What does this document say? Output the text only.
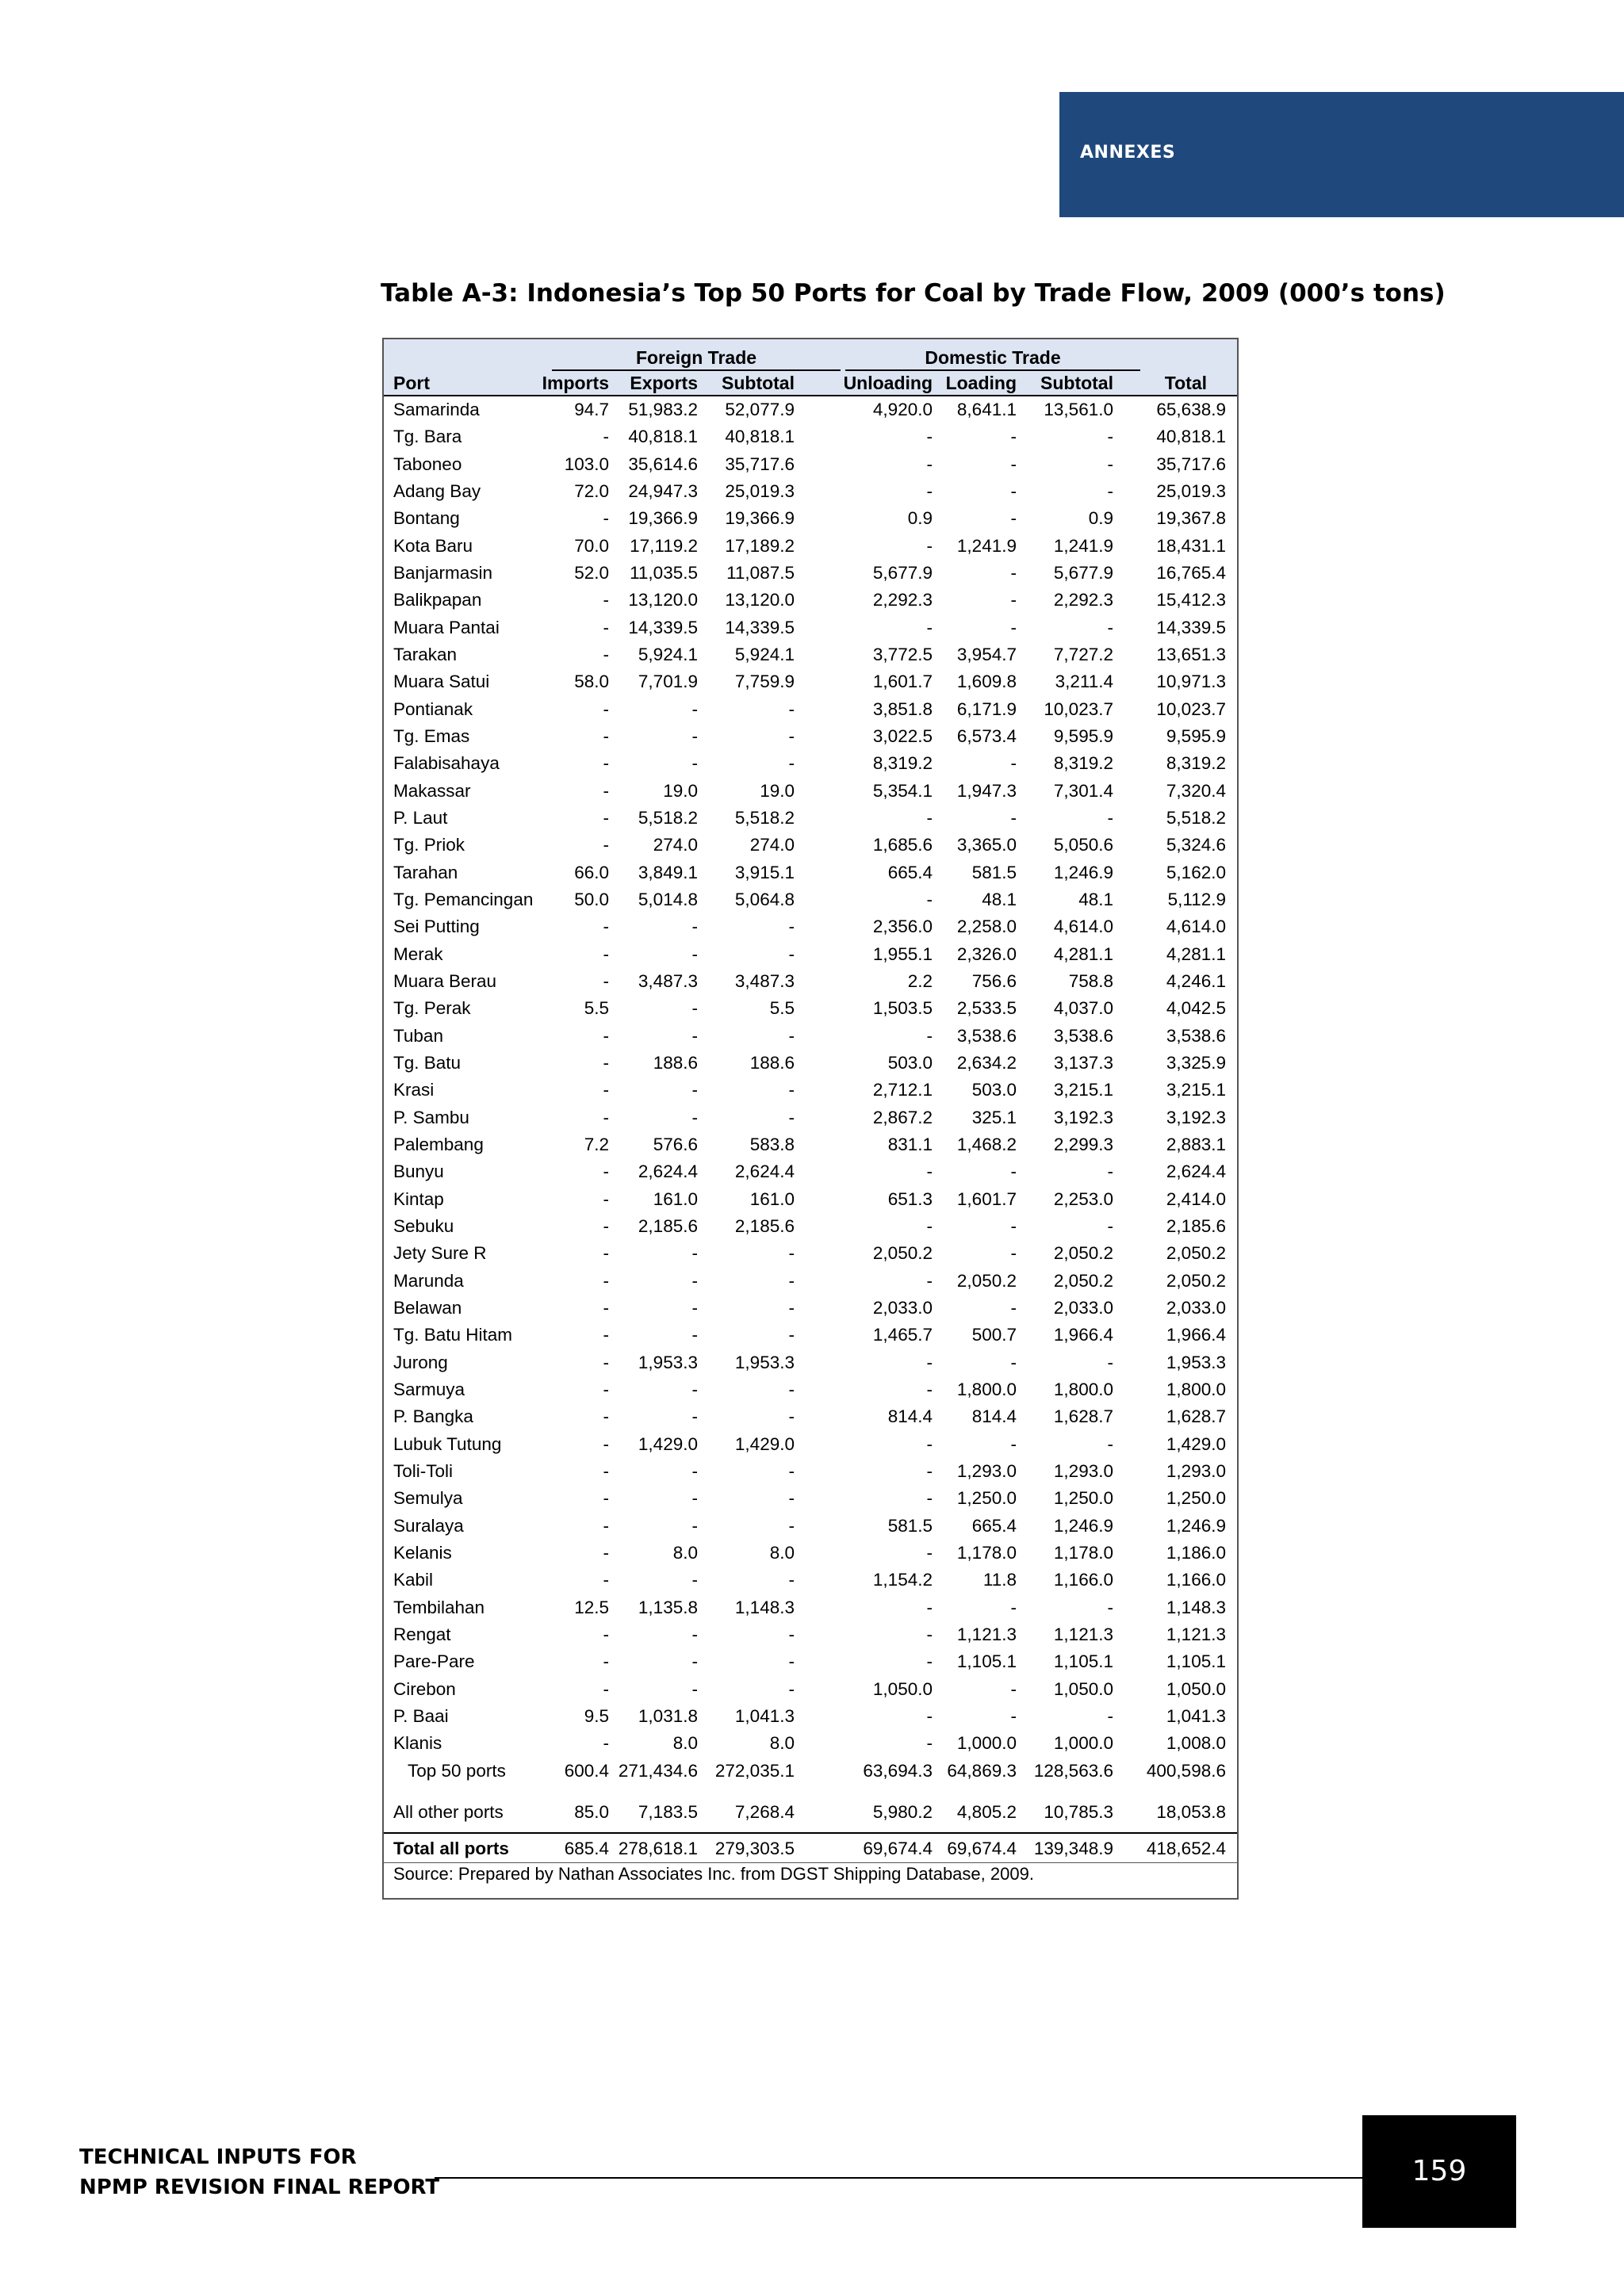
ANNEXES
Table A-3: Indonesia’s Top 50 Ports for Coal by Trade Flow, 2009 (000’s tons)
Foreign Trade	Domestic Trade
Port	Imports Exports Subtotal	Unloading Loading Subtotal	Total
Samarinda	94.7 51,983.2 52,077.9	4,920.0 8,641.1 13,561.0 65,638.9
Tg. Bara	- 40,818.1 40,818.1	-	-	- 40,818.1
Taboneo	103.0 35,614.6 35,717.6	-	-	- 35,717.6
Adang Bay	72.0 24,947.3 25,019.3	-	-	- 25,019.3
Bontang	- 19,366.9 19,366.9	0.9	-	0.9 19,367.8
Kota Baru	70.0 17,119.2 17,189.2	- 1,241.9 1,241.9 18,431.1
Banjarmasin	52.0 11,035.5 11,087.5	5,677.9	- 5,677.9 16,765.4
Balikpapan	- 13,120.0 13,120.0	2,292.3	- 2,292.3 15,412.3
Muara Pantai	- 14,339.5 14,339.5	-	-	- 14,339.5
Tarakan	- 5,924.1 5,924.1	3,772.5 3,954.7 7,727.2 13,651.3
Muara Satui	58.0 7,701.9 7,759.9	1,601.7 1,609.8 3,211.4 10,971.3
Pontianak	-	-	-	3,851.8 6,171.9 10,023.7 10,023.7
Tg. Emas	-	-	-	3,022.5 6,573.4 9,595.9	9,595.9
Falabisahaya	-	-	-	8,319.2	- 8,319.2	8,319.2
Makassar	-	19.0	19.0	5,354.1 1,947.3 7,301.4	7,320.4
P. Laut	- 5,518.2 5,518.2	-	-	-	5,518.2
Tg. Priok	- 274.0	274.0	1,685.6 3,365.0 5,050.6	5,324.6
Tarahan	66.0 3,849.1 3,915.1	665.4 581.5 1,246.9	5,162.0
Tg. Pemancingan 50.0 5,014.8 5,064.8	-	48.1	48.1	5,112.9
Sei Putting	-	-	-	2,356.0 2,258.0 4,614.0	4,614.0
Merak	-	-	-	1,955.1 2,326.0 4,281.1	4,281.1
Muara Berau	- 3,487.3 3,487.3	2.2 756.6	758.8	4,246.1
Tg. Perak	5.5	-	5.5	1,503.5 2,533.5 4,037.0	4,042.5
Tuban	-	-	-	- 3,538.6 3,538.6	3,538.6
Tg. Batu	- 188.6	188.6	503.0 2,634.2 3,137.3	3,325.9
Krasi	-	-	-	2,712.1 503.0 3,215.1	3,215.1
P. Sambu	-	-	-	2,867.2 325.1 3,192.3	3,192.3
Palembang	7.2 576.6	583.8	831.1 1,468.2 2,299.3	2,883.1
Bunyu	- 2,624.4 2,624.4	-	-	-	2,624.4
Kintap	- 161.0	161.0	651.3 1,601.7 2,253.0	2,414.0
Sebuku	- 2,185.6 2,185.6	-	-	-	2,185.6
Jety Sure R	-	-	-	2,050.2	- 2,050.2	2,050.2
Marunda	-	-	-	- 2,050.2 2,050.2	2,050.2
Belawan	-	-	-	2,033.0	- 2,033.0	2,033.0
Tg. Batu Hitam	-	-	-	1,465.7 500.7 1,966.4	1,966.4
Jurong	- 1,953.3 1,953.3	-	-	-	1,953.3
Sarmuya	-	-	-	- 1,800.0 1,800.0	1,800.0
P. Bangka	-	-	-	814.4 814.4 1,628.7	1,628.7
Lubuk Tutung	- 1,429.0 1,429.0	-	-	-	1,429.0
Toli-Toli	-	-	-	- 1,293.0 1,293.0	1,293.0
Semulya	-	-	-	- 1,250.0 1,250.0	1,250.0
Suralaya	-	-	-	581.5 665.4 1,246.9	1,246.9
Kelanis	-	8.0	8.0	- 1,178.0 1,178.0	1,186.0
Kabil	-	-	-	1,154.2	11.8 1,166.0	1,166.0
Tembilahan	12.5 1,135.8 1,148.3	-	-	-	1,148.3
Rengat	-	-	-	- 1,121.3 1,121.3	1,121.3
Pare-Pare	-	-	-	- 1,105.1 1,105.1	1,105.1
Cirebon	-	-	-	1,050.0	- 1,050.0	1,050.0
P. Baai	9.5 1,031.8 1,041.3	-	-	-	1,041.3
Klanis	-	8.0	8.0	- 1,000.0 1,000.0	1,008.0
Top 50 ports	600.4 271,434.6 272,035.1	63,694.3 64,869.3 128,563.6 400,598.6
All other ports	85.0 7,183.5 7,268.4	5,980.2 4,805.2 10,785.3 18,053.8
Total all ports	685.4 278,618.1 279,303.5	69,674.4 69,674.4 139,348.9 418,652.4
Source: Prepared by Nathan Associates Inc. from DGST Shipping Database, 2009.
TECHNICAL INPUTS FOR
NPMP REVISION FINAL REPORT	159
